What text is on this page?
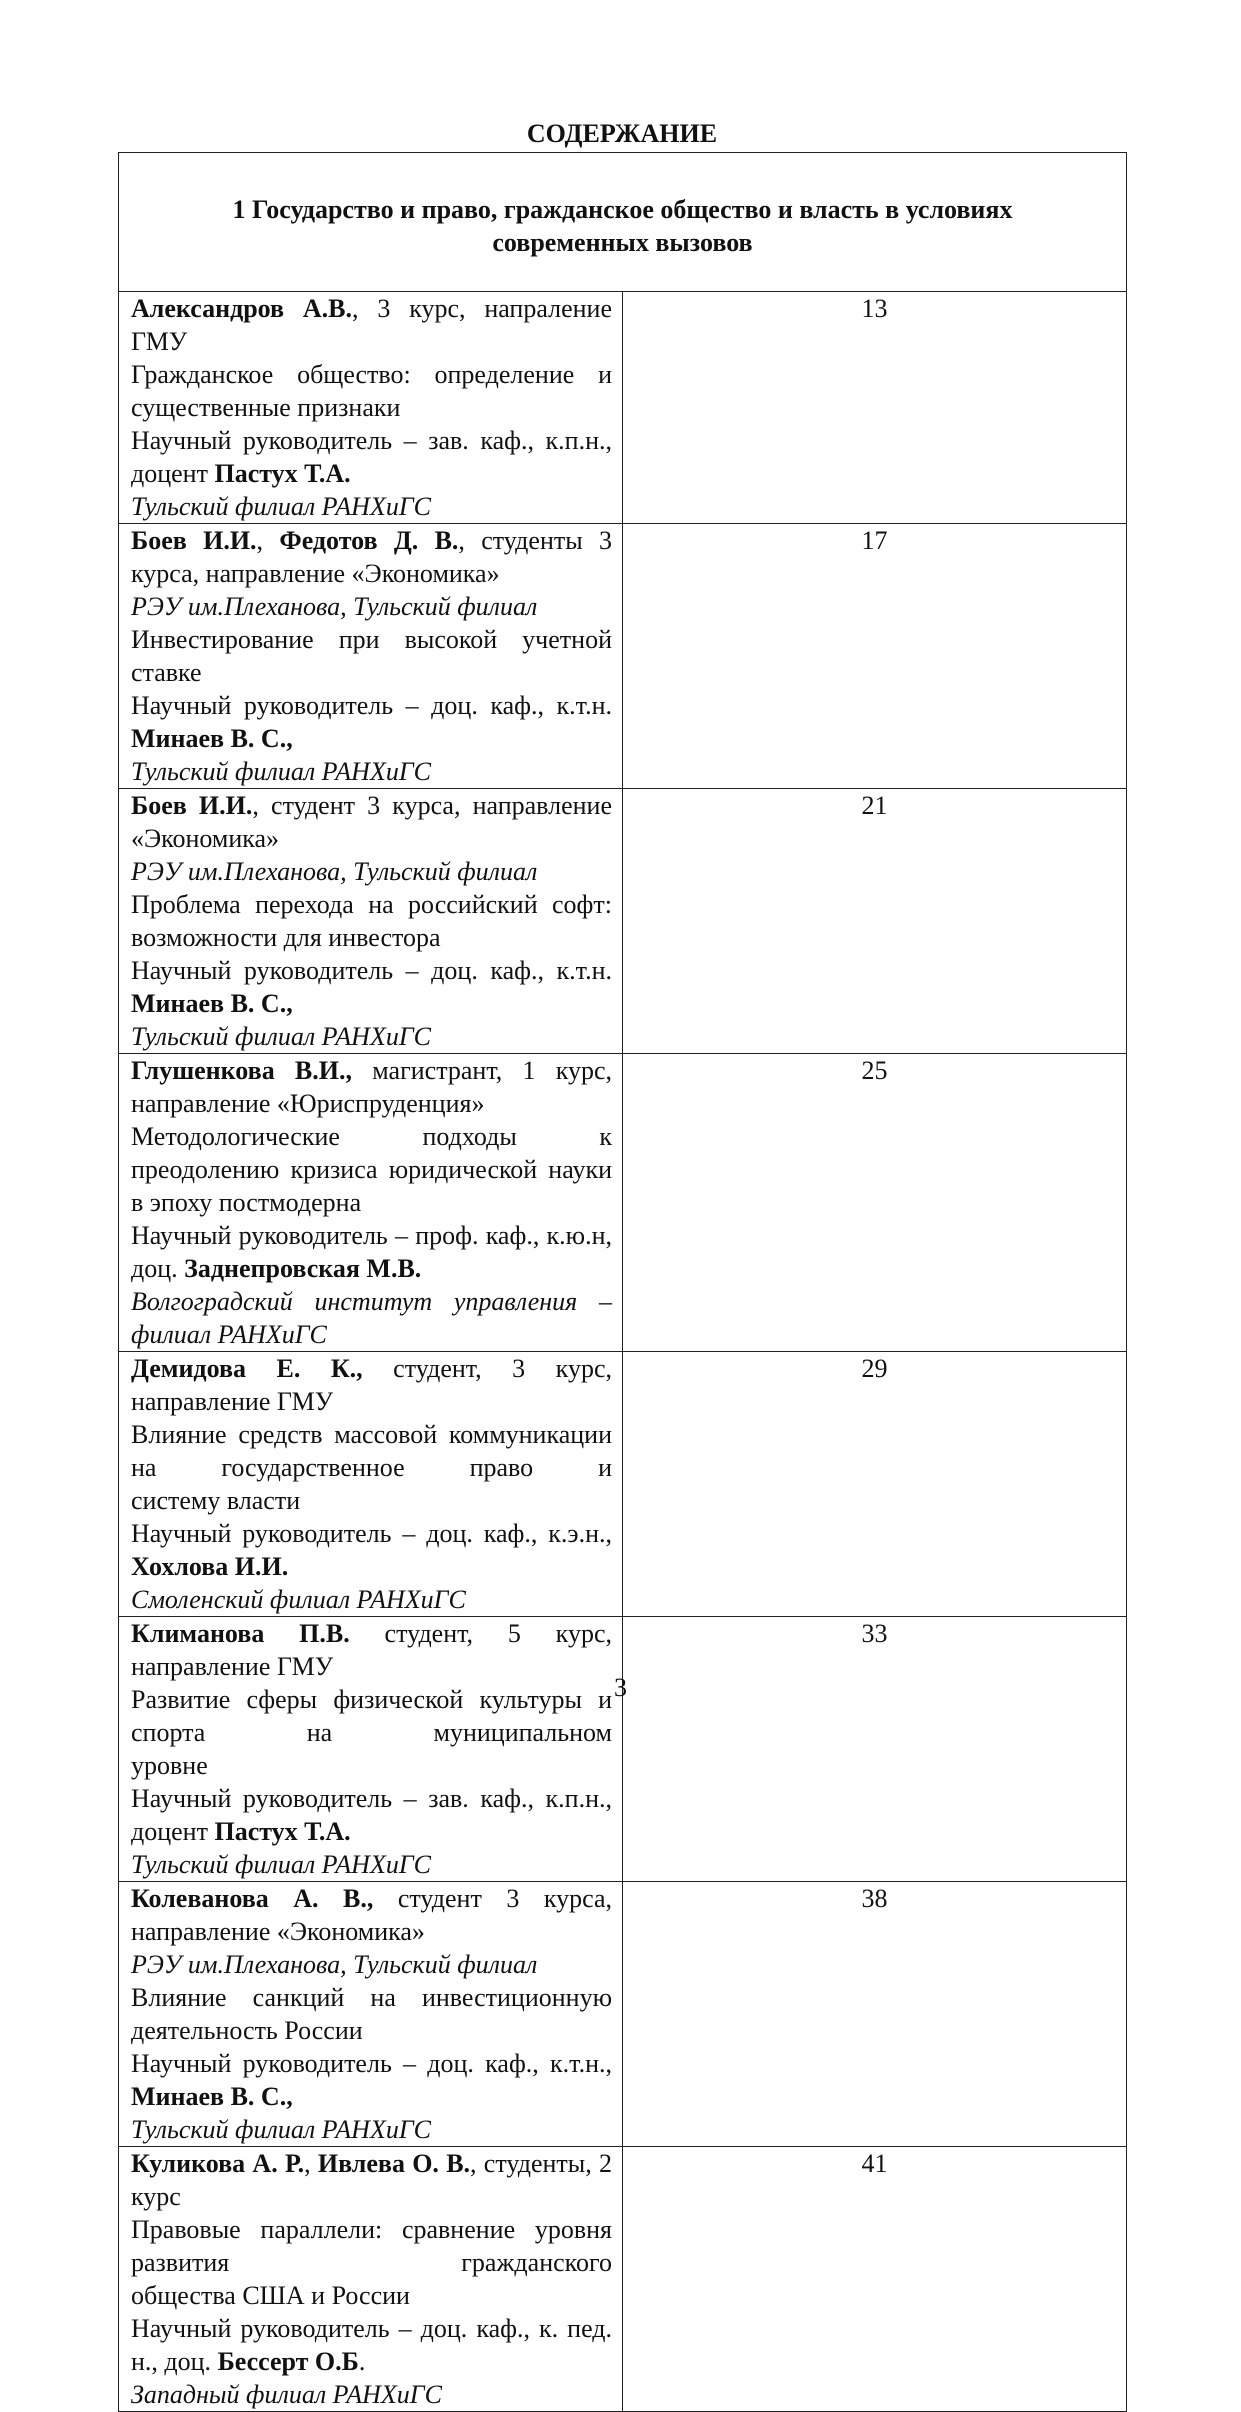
СОДЕРЖАНИЕ
1 Государство и право, гражданское общество и власть в условиях современных вызовов	

Александров А.В., 3 курс, напраление ГМУ
Гражданское общество: определение и существенные признаки
Научный руководитель – зав. каф., к.п.н., доцент Пастух Т.А.
Тульский филиал РАНХиГС	13

Боев И.И., Федотов Д. В., студенты 3 курса, направление «Экономика»
РЭУ им.Плеханова, Тульский филиал
Инвестирование при высокой учетной ставке
Научный руководитель – доц. каф., к.т.н. Минаев В. С.,
Тульский филиал РАНХиГС	17

Боев И.И., студент 3 курса, направление «Экономика»
РЭУ им.Плеханова, Тульский филиал
Проблема перехода на российский софт: возможности для инвестора
Научный руководитель – доц. каф., к.т.н. Минаев В. С.,
Тульский филиал РАНХиГС	21

Глушенкова В.И., магистрант, 1 курс, направление «Юриспруденция»
Методологические подходы к преодолению кризиса юридической науки
в эпоху постмодерна
Научный руководитель – проф. каф., к.ю.н, доц. Заднепровская М.В.
Волгоградский институт управления – филиал РАНХиГС	25

Демидова Е. К., студент, 3 курс, направление ГМУ
Влияние средств массовой коммуникации на государственное право и
систему власти
Научный руководитель – доц. каф., к.э.н., Хохлова И.И.
Смоленский филиал РАНХиГС	29

Климанова П.В. студент, 5 курс, направление ГМУ
Развитие сферы физической культуры и спорта на муниципальном
уровне
Научный руководитель – зав. каф., к.п.н., доцент Пастух Т.А.
Тульский филиал РАНХиГС	33

Колеванова А. В., студент 3 курса, направление «Экономика»
РЭУ им.Плеханова, Тульский филиал
Влияние санкций на инвестиционную деятельность России
Научный руководитель – доц. каф., к.т.н., Минаев В. С.,
Тульский филиал РАНХиГС	38

Куликова А. Р., Ивлева О. В., студенты, 2 курс
Правовые параллели: сравнение уровня развития гражданского
общества США и России
Научный руководитель – доц. каф., к. пед. н., доц. Бессерт О.Б.
Западный филиал РАНХиГС	41
3
